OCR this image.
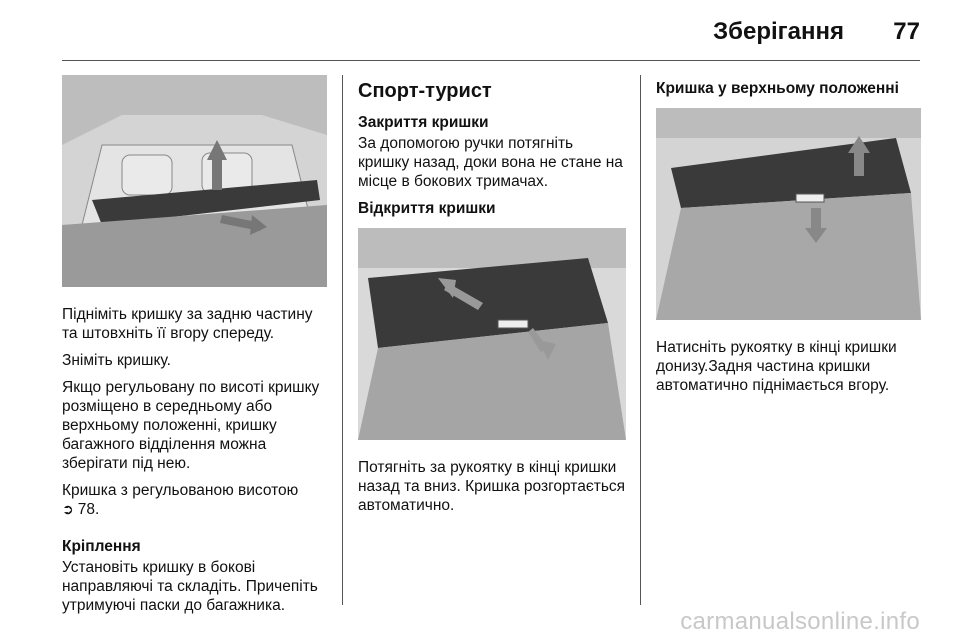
Зберігання 77

Підніміть кришку за задню частину та штовхніть її вгору спереду.

Зніміть кришку.

Якщо регульовану по висоті кришку розміщено в середньому або верхньому положенні, кришку багажного відділення можна зберігати під нею.

Кришка з регульованою висотою
➲ 78.

Кріплення

Установіть кришку в бокові направляючі та складіть. Причепіть утримуючі паски до багажника.

Спорт-турист

Закриття кришки

За допомогою ручки потягніть кришку назад, доки вона не стане на місце в бокових тримачах.

Відкриття кришки

Потягніть за рукоятку в кінці кришки назад та вниз. Кришка розгортається автоматично.

Кришка у верхньому положенні

Натисніть рукоятку в кінці кришки донизу.Задня частина кришки автоматично піднімається вгору.

carmanualsonline.info
